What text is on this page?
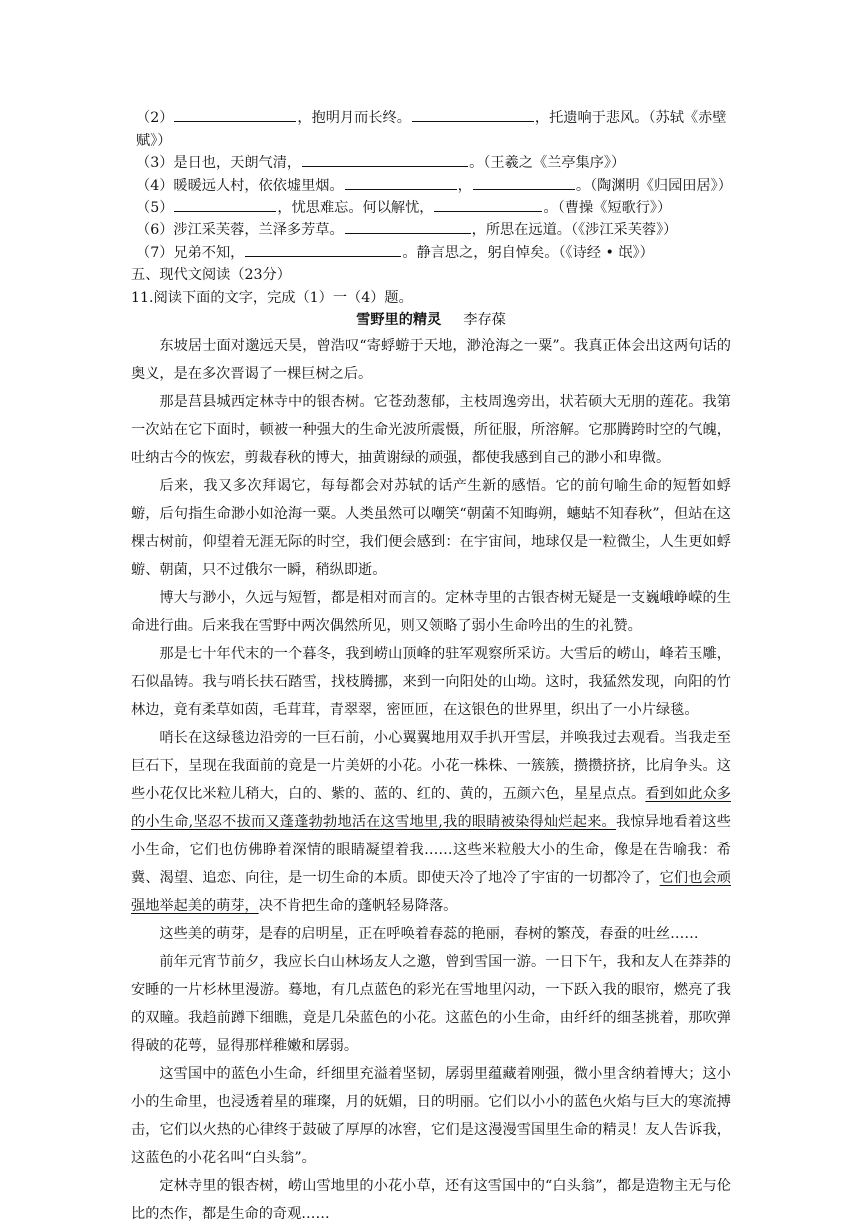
（2）	，抱明月而长终。	，托遗响于悲风。（苏轼《赤壁
赋》）
（3）是日也，天朗气清，	。（王羲之《兰亭集序》）
（4）暖暖远人村，依依墟里烟。	，	。（陶渊明《归园田居》）
（5）	，忧思难忘。何以解忧，	。（曹操《短歌行》）
（6）涉江采芙蓉，兰泽多芳草。	，所思在远道。（《涉江采芙蓉》）
（7）兄弟不知，	。静言思之，躬自悼矣。（《诗经 • 氓》）
五、现代文阅读（23分）
11.阅读下面的文字，完成（1）一（4）题。
雪野里的精灵 李存葆

东坡居士面对邈远天昊，曾浩叹“寄蜉蝣于天地，渺沧海之一粟”。我真正体会出这两句话的奥义，是在多次晋谒了一棵巨树之后。

那是莒县城西定林寺中的银杏树。它苍劲葱郁，主枝周逸旁出，状若硕大无朋的莲花。我第一次站在它下面时，顿被一种强大的生命光波所震慑，所征服，所溶解。它那腾跨时空的气魄，吐纳古今的恢宏，剪裁春秋的博大，抽黄谢绿的顽强，都使我感到自己的渺小和卑微。

后来，我又多次拜谒它，每每都会对苏轼的话产生新的感悟。它的前句喻生命的短暂如蜉蝣，后句指生命渺小如沧海一粟。人类虽然可以嘲笑“朝菌不知晦朔，蟪蛄不知春秋”，但站在这棵古树前，仰望着无涯无际的时空，我们便会感到：在宇宙间，地球仅是一粒微尘，人生更如蜉蝣、朝菌，只不过俄尔一瞬，稍纵即逝。

博大与渺小，久远与短暂，都是相对而言的。定林寺里的古银杏树无疑是一支巍峨峥嵘的生命进行曲。后来我在雪野中两次偶然所见，则又领略了弱小生命吟出的生的礼赞。

那是七十年代末的一个暮冬，我到崂山顶峰的驻军观察所采访。大雪后的崂山，峰若玉雕，石似晶铸。我与哨长扶石踏雪，找枝腾挪，来到一向阳处的山坳。这时，我猛然发现，向阳的竹林边，竟有柔草如茵，毛茸茸，青翠翠，密匝匝，在这银色的世界里，织出了一小片绿毯。

哨长在这绿毯边沿旁的一巨石前，小心翼翼地用双手扒开雪层，并唤我过去观看。当我走至巨石下，呈现在我面前的竟是一片美妍的小花。小花一株株、一簇簇，攒攒挤挤，比肩争头。这些小花仅比米粒儿稍大，白的、紫的、蓝的、红的、黄的，五颜六色，星星点点。看到如此众多的小生命,坚忍不拔而又蓬蓬勃勃地活在这雪地里,我的眼睛被染得灿烂起来。我惊异地看着这些小生命，它们也仿佛睁着深情的眼睛凝望着我……这些米粒般大小的生命，像是在告喻我：希冀、渴望、追恋、向往，是一切生命的本质。即使天冷了地冷了宇宙的一切都冷了，它们也会顽强地举起美的萌芽，决不肯把生命的蓬帆轻易降落。

这些美的萌芽，是春的启明星，正在呼唤着春蕊的艳丽，春树的繁茂，春蚕的吐丝……

前年元宵节前夕，我应长白山林场友人之邀，曾到雪国一游。一日下午，我和友人在莽莽的安睡的一片杉林里漫游。蓦地，有几点蓝色的彩光在雪地里闪动，一下跃入我的眼帘，燃亮了我的双瞳。我趋前蹲下细瞧，竟是几朵蓝色的小花。这蓝色的小生命，由纤纤的细茎挑着，那吹弹得破的花萼，显得那样稚嫩和孱弱。

这雪国中的蓝色小生命，纤细里充溢着坚韧，孱弱里蕴藏着刚强，微小里含纳着博大；这小小的生命里，也浸透着星的璀璨，月的妩媚，日的明丽。它们以小小的蓝色火焰与巨大的寒流搏击，它们以火热的心律终于鼓破了厚厚的冰窖，它们是这漫漫雪国里生命的精灵！友人告诉我，这蓝色的小花名叫“白头翁”。

定林寺里的银杏树，崂山雪地里的小花小草，还有这雪国中的“白头翁”，都是造物主无与伦比的杰作，都是生命的奇观……
